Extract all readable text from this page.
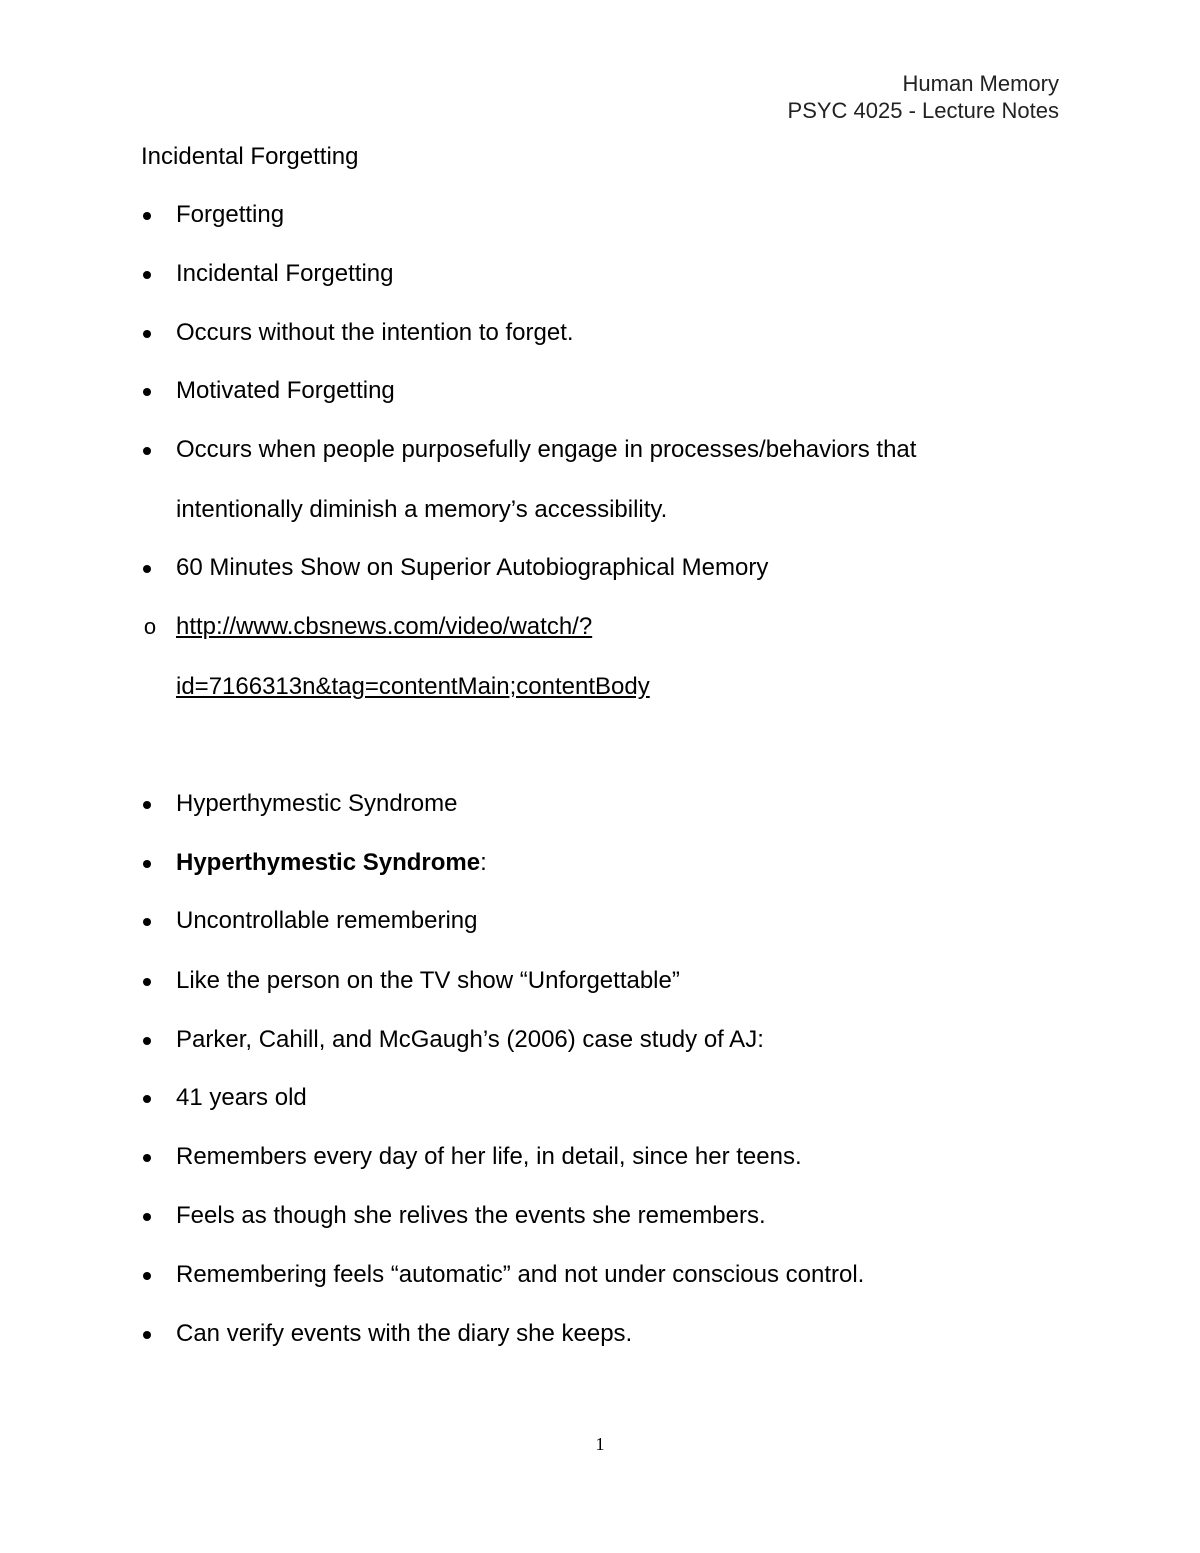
Human Memory
PSYC 4025 - Lecture Notes
Incidental Forgetting
Forgetting
Incidental Forgetting
Occurs without the intention to forget.
Motivated Forgetting
Occurs when people purposefully engage in processes/behaviors that
intentionally diminish a memory’s accessibility.
60 Minutes Show on Superior Autobiographical Memory
o http://www.cbsnews.com/video/watch/?
id=7166313n&tag=contentMain;contentBody
Hyperthymestic Syndrome
Hyperthymestic Syndrome:
Uncontrollable remembering
Like the person on the TV show “Unforgettable”
Parker, Cahill, and McGaugh’s (2006) case study of AJ:
41 years old
Remembers every day of her life, in detail, since her teens.
Feels as though she relives the events she remembers.
Remembering feels “automatic” and not under conscious control.
Can verify events with the diary she keeps.
1
